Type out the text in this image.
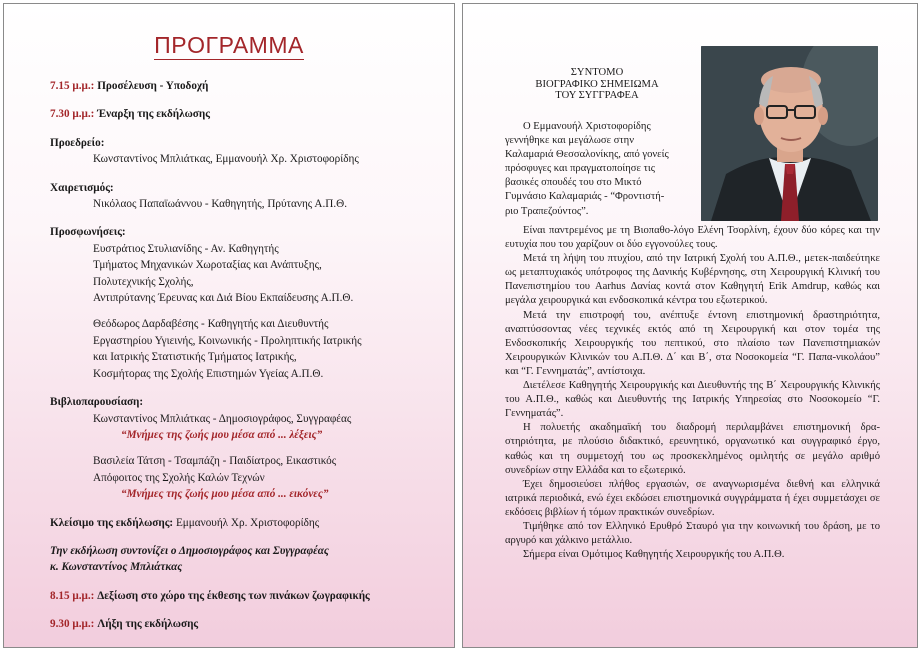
ΠΡΟΓΡΑΜΜΑ
7.15 μ.μ.: Προσέλευση - Υποδοχή
7.30 μ.μ.: Έναρξη της εκδήλωσης
Προεδρείο:
Κωνσταντίνος Μπλιάτκας, Εμμανουήλ Χρ. Χριστοφορίδης
Χαιρετισμός:
Νικόλαος Παπαϊωάννου - Καθηγητής, Πρύτανης Α.Π.Θ.
Προσφωνήσεις:
Ευστράτιος Στυλιανίδης - Αν. Καθηγητής
Τμήματος Μηχανικών Χωροταξίας και Ανάπτυξης,
Πολυτεχνικής Σχολής,
Αντιπρύτανης Έρευνας και Διά Βίου Εκπαίδευσης Α.Π.Θ.
Θεόδωρος Δαρδαβέσης - Καθηγητής και Διευθυντής
Εργαστηρίου Υγιεινής, Κοινωνικής - Προληπτικής Ιατρικής
και Ιατρικής Στατιστικής Τμήματος Ιατρικής,
Κοσμήτορας της Σχολής Επιστημών Υγείας Α.Π.Θ.
Βιβλιοπαρουσίαση:
Κωνσταντίνος Μπλιάτκας - Δημοσιογράφος, Συγγραφέας
“Μνήμες της ζωής μου μέσα από ... λέξεις”
Βασιλεία Τάτση - Τσαμπάζη - Παιδίατρος, Εικαστικός
Απόφοιτος της Σχολής Καλών Τεχνών
“Μνήμες της ζωής μου μέσα από ... εικόνες”
Κλείσιμο της εκδήλωσης: Εμμανουήλ Χρ. Χριστοφορίδης
Την εκδήλωση συντονίζει ο Δημοσιογράφος και Συγγραφέας
κ. Κωνσταντίνος Μπλιάτκας
8.15 μ.μ.: Δεξίωση στο χώρο της έκθεσης των πινάκων ζωγραφικής
9.30 μ.μ.: Λήξη της εκδήλωσης
ΣΥΝΤΟΜΟ
ΒΙΟΓΡΑΦΙΚΟ ΣΗΜΕΙΩΜΑ
ΤΟΥ ΣΥΓΓΡΑΦΕΑ
Ο Εμμανουήλ Χριστοφορίδης
γεννήθηκε και μεγάλωσε στην
Καλαμαριά Θεσσαλονίκης, από γονείς
πρόσφυγες και πραγματοποίησε τις
βασικές σπουδές του στο Μικτό
Γυμνάσιο Καλαμαριάς - “Φροντιστή-
ριο Τραπεζούντος”.

Είναι παντρεμένος με τη Βιοπαθο-λόγο Ελένη Τσορλίνη, έχουν δύο κόρες και την ευτυχία που του χαρίζουν οι δύο εγγονούλες τους.

Μετά τη λήψη του πτυχίου, από την Ιατρική Σχολή του Α.Π.Θ., μετεκ-παιδεύτηκε ως μεταπτυχιακός υπότροφος της Δανικής Κυβέρνησης, στη Χειρουργική Κλινική του Πανεπιστημίου του Aarhus Δανίας κοντά στον Καθηγητή Erik Amdrup, καθώς και μεγάλα χειρουργικά και ενδοσκοπικά κέντρα του εξωτερικού.

Μετά την επιστροφή του, ανέπτυξε έντονη επιστημονική δραστηριότητα, αναπτύσσοντας νέες τεχνικές εκτός από τη Χειρουργική και στον τομέα της Ενδοσκοπικής Χειρουργικής του πεπτικού, στο πλαίσιο των Πανεπιστημιακών Χειρουργικών Κλινικών του Α.Π.Θ. Δ΄ και Β΄, στα Νοσοκομεία “Γ. Παπα-νικολάου” και “Γ. Γεννηματάς”, αντίστοιχα.

Διετέλεσε Καθηγητής Χειρουργικής και Διευθυντής της Β΄ Χειρουργικής Κλινικής του Α.Π.Θ., καθώς και Διευθυντής της Ιατρικής Υπηρεσίας στο Νοσοκομείο “Γ. Γεννηματάς”.

Η πολυετής ακαδημαϊκή του διαδρομή περιλαμβάνει επιστημονική δρα-στηριότητα, με πλούσιο διδακτικό, ερευνητικό, οργανωτικό και συγγραφικό έργο, καθώς και τη συμμετοχή του ως προσκεκλημένος ομιλητής σε μεγάλο αριθμό συνεδρίων στην Ελλάδα και το εξωτερικό.

Έχει δημοσιεύσει πλήθος εργασιών, σε αναγνωρισμένα διεθνή και ελληνικά ιατρικά περιοδικά, ενώ έχει εκδώσει επιστημονικά συγγράμματα ή έχει συμμετάσχει σε εκδόσεις βιβλίων ή τόμων πρακτικών συνεδρίων.

Τιμήθηκε από τον Ελληνικό Ερυθρό Σταυρό για την κοινωνική του δράση, με το αργυρό και χάλκινο μετάλλιο.

Σήμερα είναι Ομότιμος Καθηγητής Χειρουργικής του Α.Π.Θ.
